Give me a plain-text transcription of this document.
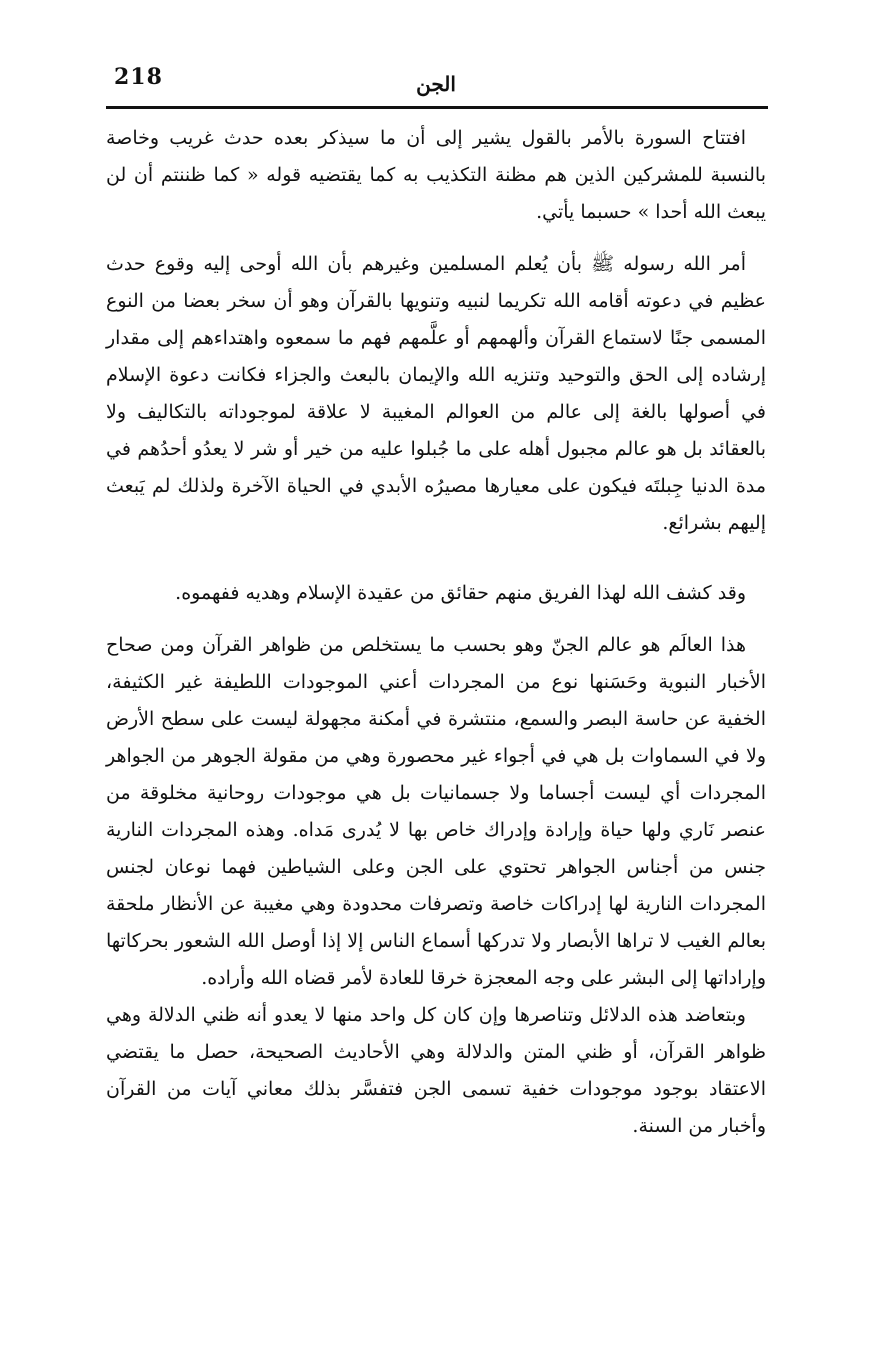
218	الجن

افتتاح السورة بالأمر بالقول يشير إلى أن ما سيذكر بعده حدث غريب وخاصة بالنسبة للمشركين الذين هم مظنة التكذيب به كما يقتضيه قوله « كما ظننتم أن لن يبعث الله أحدا » حسبما يأتي.

أمر الله رسوله ﷺ بأن يُعلم المسلمين وغيرهم بأن الله أوحى إليه وقوع حدث عظيم في دعوته أقامه الله تكريما لنبيه وتنويها بالقرآن وهو أن سخر بعضا من النوع المسمى جنًا لاستماع القرآن وألهمهم أو علَّمهم فهم ما سمعوه واهتداءهم إلى مقدار إرشاده إلى الحق والتوحيد وتنزيه الله والإيمان بالبعث والجزاء فكانت دعوة الإسلام في أصولها بالغة إلى عالم من العوالم المغيبة لا علاقة لموجوداته بالتكاليف ولا بالعقائد بل هو عالم مجبول أهله على ما جُبلوا عليه من خير أو شر لا يعدُو أحدُهم في مدة الدنيا جِبلتَه فيكون على معيارها مصيرُه الأبدي في الحياة الآخرة ولذلك لم يَبعث إليهم بشرائع.

وقد كشف الله لهذا الفريق منهم حقائق من عقيدة الإسلام وهديه ففهموه.

هذا العالَم هو عالم الجنّ وهو بحسب ما يستخلص من ظواهر القرآن ومن صحاح الأخبار النبوية وحَسَنها نوع من المجردات أعني الموجودات اللطيفة غير الكثيفة، الخفية عن حاسة البصر والسمع، منتشرة في أمكنة مجهولة ليست على سطح الأرض ولا في السماوات بل هي في أجواء غير محصورة وهي من مقولة الجوهر من الجواهر المجردات أي ليست أجساما ولا جسمانيات بل هي موجودات روحانية مخلوقة من عنصر نَاري ولها حياة وإرادة وإدراك خاص بها لا يُدرى مَداه. وهذه المجردات النارية جنس من أجناس الجواهر تحتوي على الجن وعلى الشياطين فهما نوعان لجنس المجردات النارية لها إدراكات خاصة وتصرفات محدودة وهي مغيبة عن الأنظار ملحقة بعالم الغيب لا تراها الأبصار ولا تدركها أسماع الناس إلا إذا أوصل الله الشعور بحركاتها وإراداتها إلى البشر على وجه المعجزة خرقا للعادة لأمر قضاه الله وأراده.

وبتعاضد هذه الدلائل وتناصرها وإن كان كل واحد منها لا يعدو أنه ظني الدلالة وهي ظواهر القرآن، أو ظني المتن والدلالة وهي الأحاديث الصحيحة، حصل ما يقتضي الاعتقاد بوجود موجودات خفية تسمى الجن فتفسَّر بذلك معاني آيات من القرآن وأخبار من السنة.
